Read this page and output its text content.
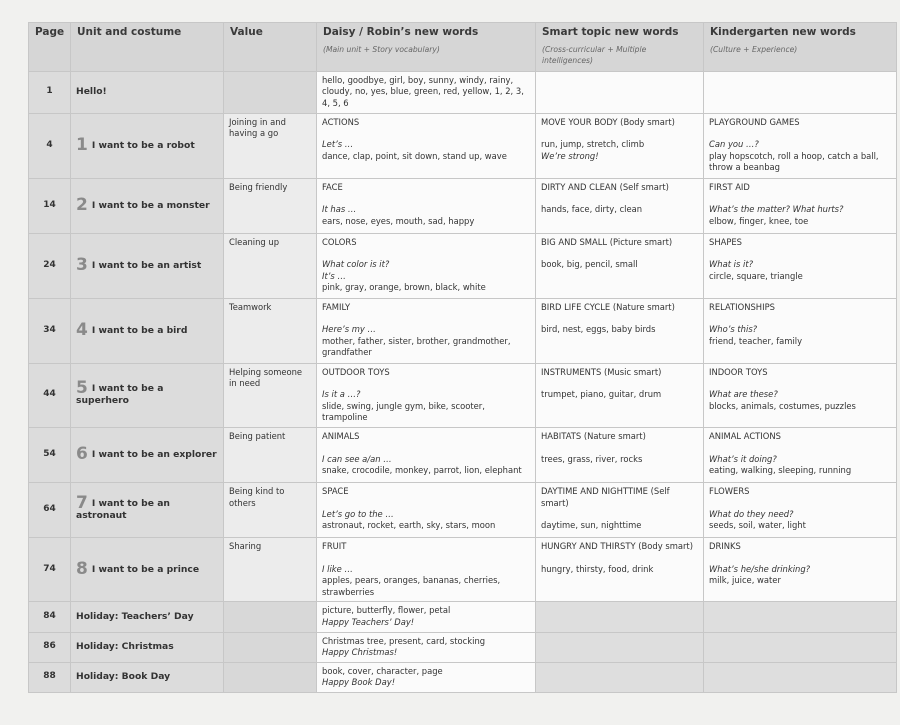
Page	Unit and costume	Value	Daisy / Robin’s new words
(Main unit + Story vocabulary)	Smart topic new words
(Cross-curricular + Multiple intelligences)	Kindergarten new words
(Culture + Experience)

1	Hello!		hello, goodbye, girl, boy, sunny, windy, rainy, cloudy, no, yes, blue, green, red, yellow, 1, 2, 3, 4, 5, 6		

4	1 I want to be a robot	Joining in and having a go	ACTIONS
Let’s …
dance, clap, point, sit down, stand up, wave	MOVE YOUR BODY (Body smart)
run, jump, stretch, climb
We’re strong!	PLAYGROUND GAMES
Can you …?
play hopscotch, roll a hoop, catch a ball, throw a beanbag

14	2 I want to be a monster	Being friendly	FACE
It has …
ears, nose, eyes, mouth, sad, happy	DIRTY AND CLEAN (Self smart)
hands, face, dirty, clean	FIRST AID
What’s the matter? What hurts?
elbow, finger, knee, toe

24	3 I want to be an artist	Cleaning up	COLORS
What color is it?
It’s …
pink, gray, orange, brown, black, white	BIG AND SMALL (Picture smart)
book, big, pencil, small	SHAPES
What is it?
circle, square, triangle

34	4 I want to be a bird	Teamwork	FAMILY
Here’s my …
mother, father, sister, brother, grandmother, grandfather	BIRD LIFE CYCLE (Nature smart)
bird, nest, eggs, baby birds	RELATIONSHIPS
Who’s this?
friend, teacher, family

44	5 I want to be a superhero	Helping someone in need	OUTDOOR TOYS
Is it a …?
slide, swing, jungle gym, bike, scooter, trampoline	INSTRUMENTS (Music smart)
trumpet, piano, guitar, drum	INDOOR TOYS
What are these?
blocks, animals, costumes, puzzles

54	6 I want to be an explorer	Being patient	ANIMALS
I can see a/an …
snake, crocodile, monkey, parrot, lion, elephant	HABITATS (Nature smart)
trees, grass, river, rocks	ANIMAL ACTIONS
What’s it doing?
eating, walking, sleeping, running

64	7 I want to be an astronaut	Being kind to others	SPACE
Let’s go to the …
astronaut, rocket, earth, sky, stars, moon	DAYTIME AND NIGHTTIME (Self smart)
daytime, sun, nighttime	FLOWERS
What do they need?
seeds, soil, water, light

74	8 I want to be a prince	Sharing	FRUIT
I like …
apples, pears, oranges, bananas, cherries, strawberries	HUNGRY AND THIRSTY (Body smart)
hungry, thirsty, food, drink	DRINKS
What’s he/she drinking?
milk, juice, water

84	Holiday: Teachers’ Day		picture, butterfly, flower, petal
Happy Teachers’ Day!		

86	Holiday: Christmas		Christmas tree, present, card, stocking
Happy Christmas!		

88	Holiday: Book Day		book, cover, character, page
Happy Book Day!		
